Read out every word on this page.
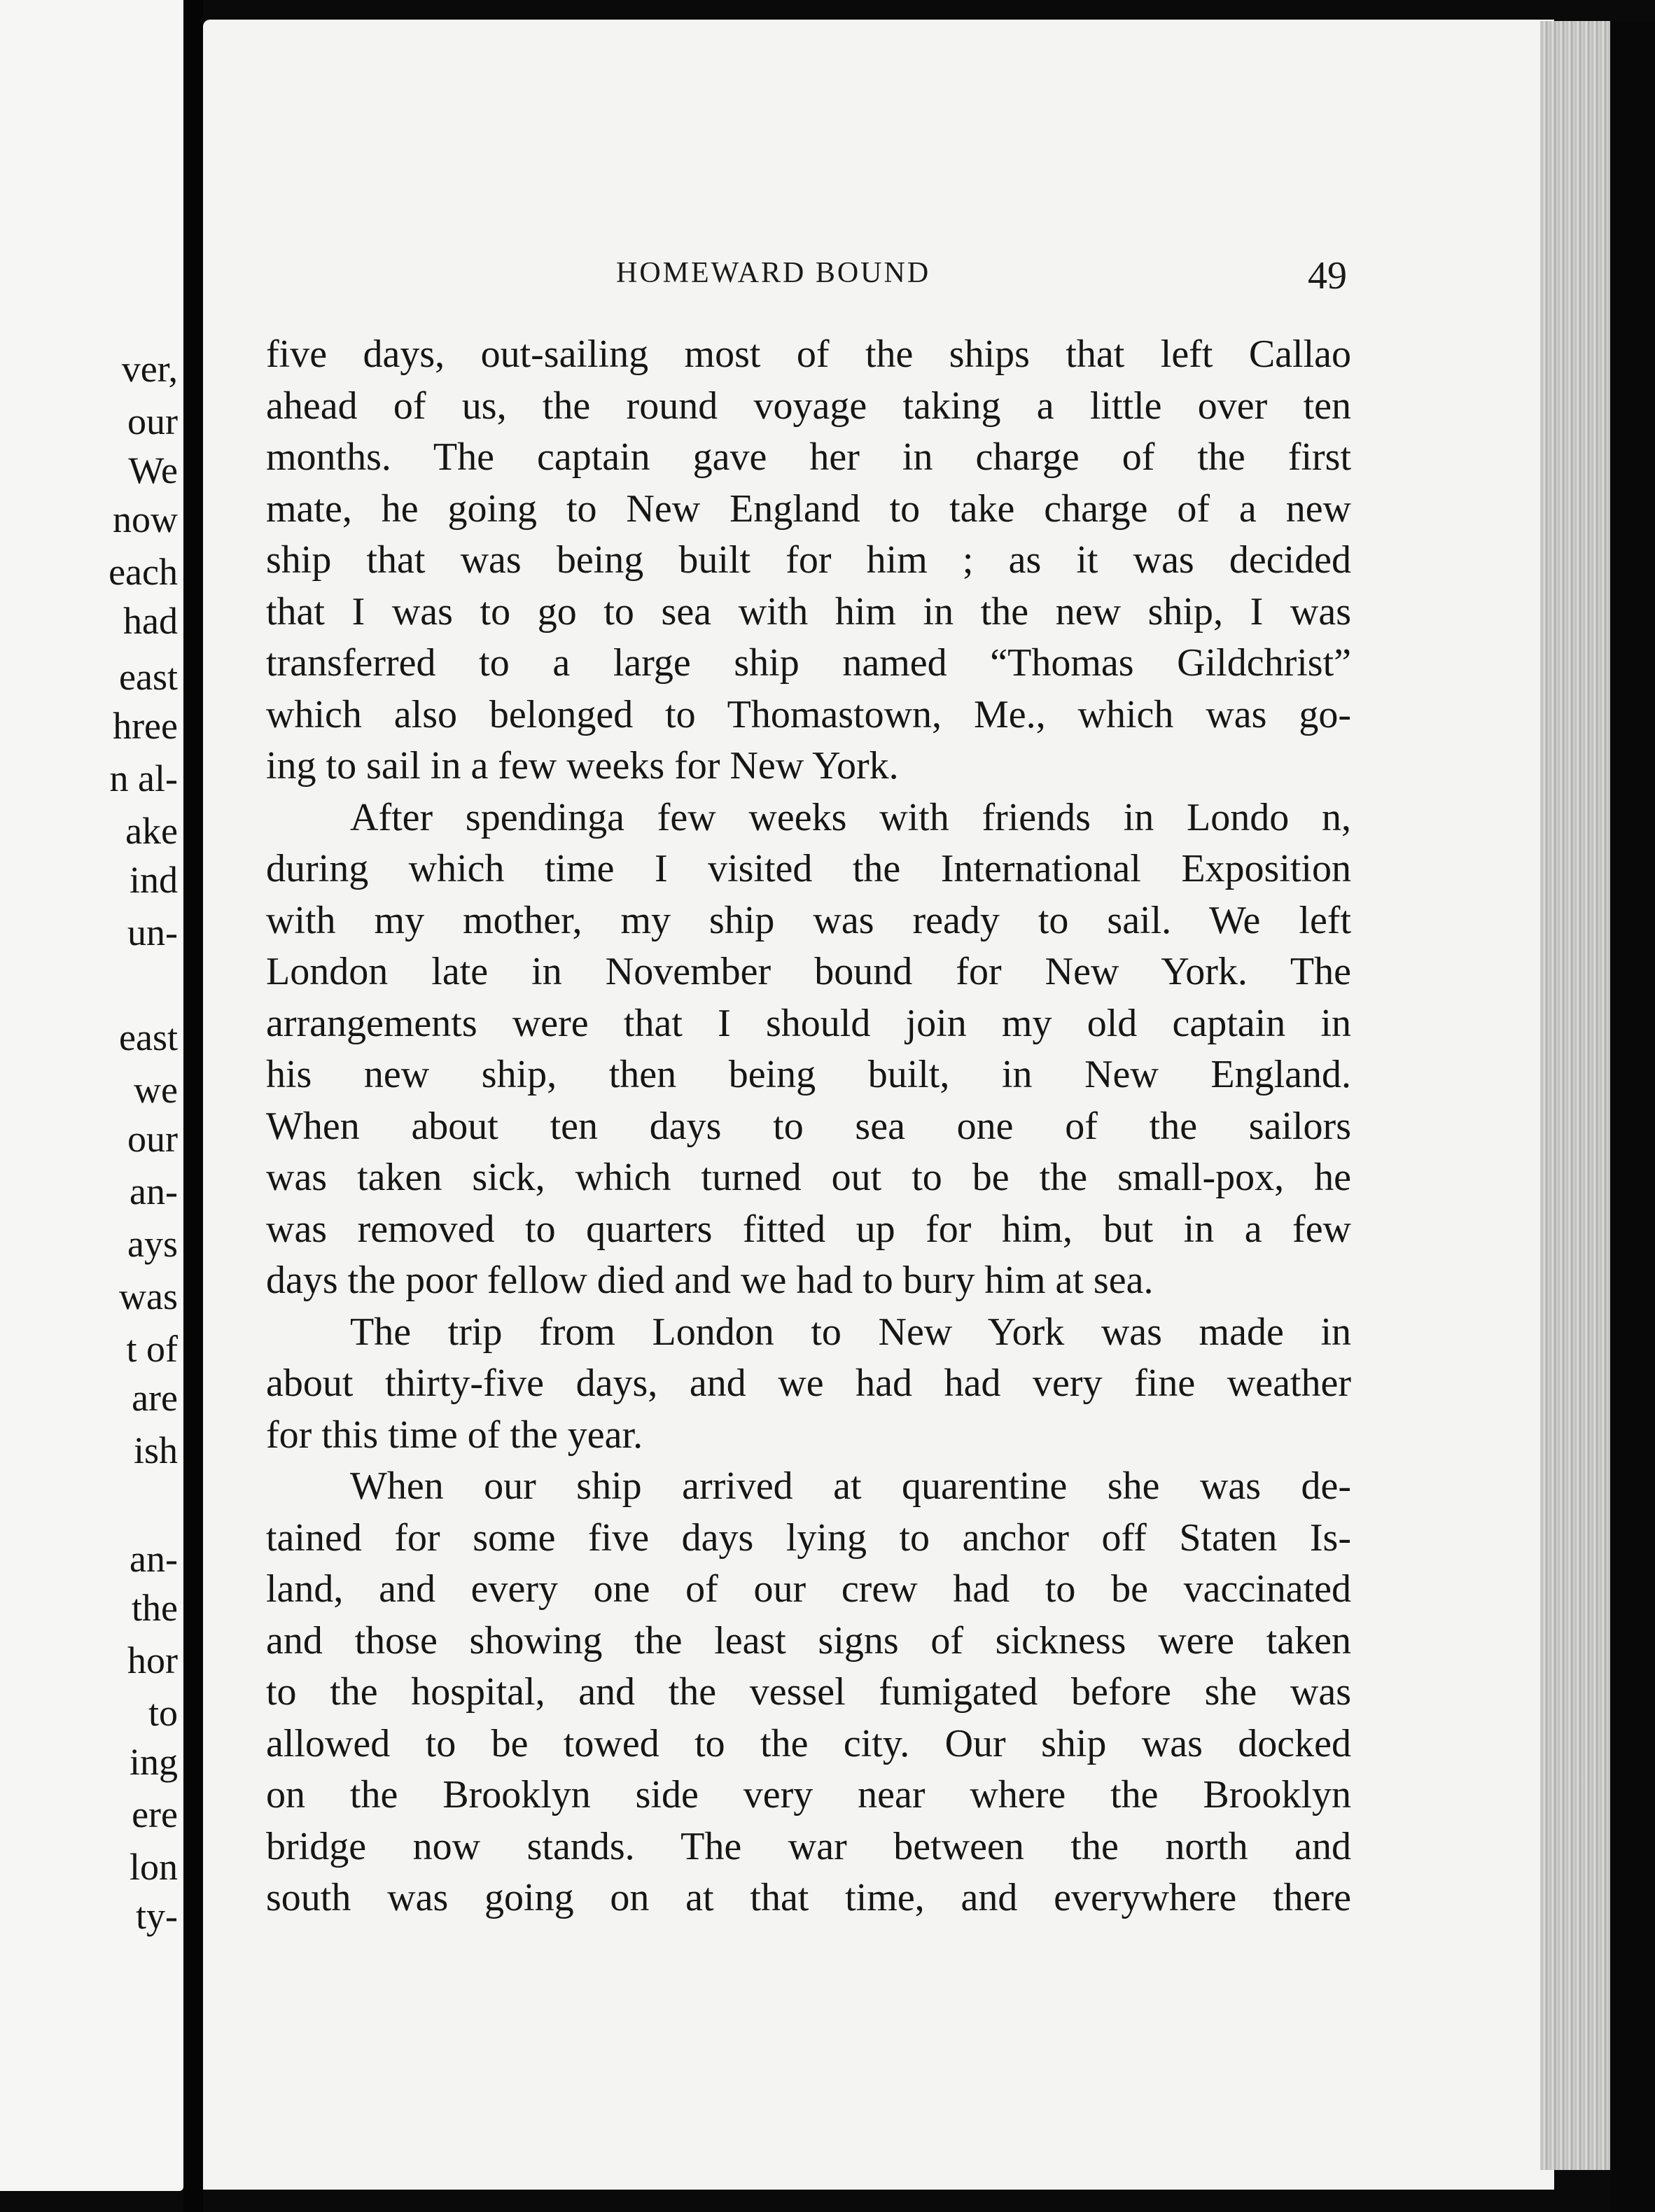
ver,
our
We
now
each
had
east
hree
n al-
ake
ind
un-
east
we
our
an-
ays
was
t of
are
ish
an-
the
hor
to
ing
ere
lon
ty-
HOMEWARD BOUND	49
five days, out-sailing most of the ships that left Callao
ahead of us, the round voyage taking a little over ten
months. The captain gave her in charge of the first
mate, he going to New England to take charge of a new
ship that was being built for him ; as it was decided
that I was to go to sea with him in the new ship, I was
transferred to a large ship named “Thomas Gildchrist”
which also belonged to Thomastown, Me., which was go-
ing to sail in a few weeks for New York.
After spendinga few weeks with friends in Londo n,
during which time I visited the International Exposition
with my mother, my ship was ready to sail. We left
London late in November bound for New York. The
arrangements were that I should join my old captain in
his new ship, then being built, in New England.
When about ten days to sea one of the sailors
was taken sick, which turned out to be the small-pox, he
was removed to quarters fitted up for him, but in a few
days the poor fellow died and we had to bury him at sea.
The trip from London to New York was made in
about thirty-five days, and we had had very fine weather
for this time of the year.
When our ship arrived at quarentine she was de-
tained for some five days lying to anchor off Staten Is-
land, and every one of our crew had to be vaccinated
and those showing the least signs of sickness were taken
to the hospital, and the vessel fumigated before she was
allowed to be towed to the city. Our ship was docked
on the Brooklyn side very near where the Brooklyn
bridge now stands. The war between the north and
south was going on at that time, and everywhere there
